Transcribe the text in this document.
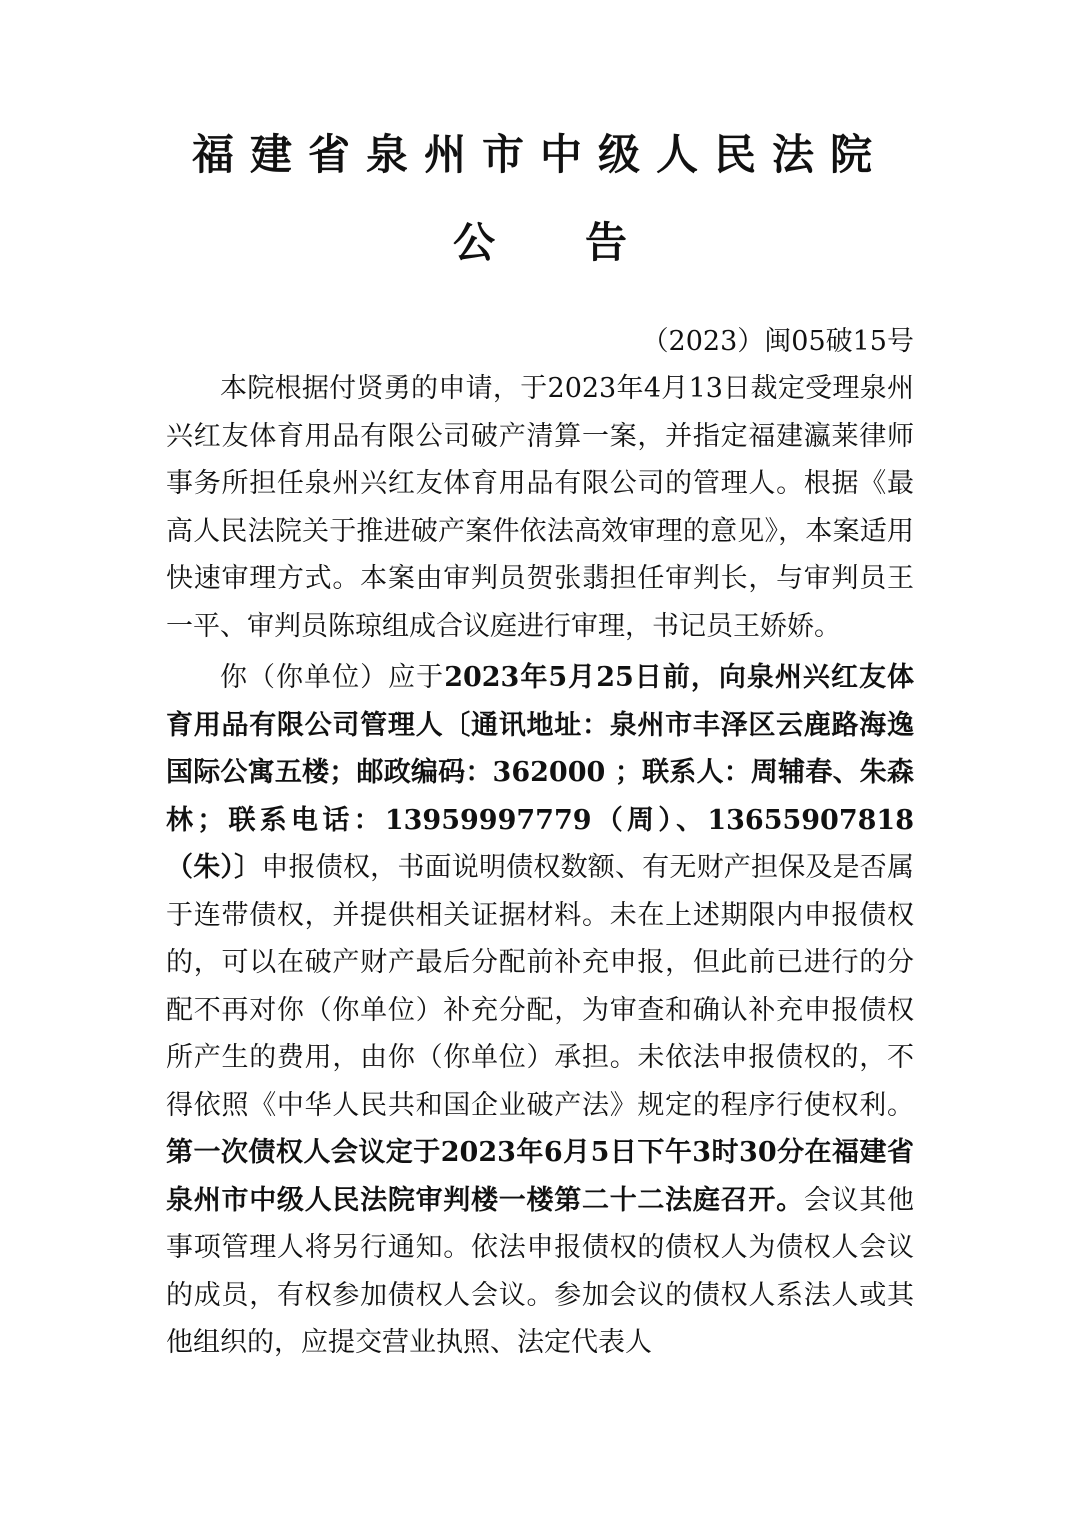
福建省泉州市中级人民法院
公告
（2023）闽05破15号

本院根据付贤勇的申请，于2023年4月13日裁定受理泉州兴红友体育用品有限公司破产清算一案，并指定福建瀛莱律师事务所担任泉州兴红友体育用品有限公司的管理人。根据《最高人民法院关于推进破产案件依法高效审理的意见》，本案适用快速审理方式。本案由审判员贺张翡担任审判长，与审判员王一平、审判员陈琼组成合议庭进行审理，书记员王娇娇。

你（你单位）应于2023年5月25日前，向泉州兴红友体育用品有限公司管理人〔通讯地址：泉州市丰泽区云鹿路海逸国际公寓五楼；邮政编码：362000 ；联系人：周辅春、朱森林；联系电话：13959997779（周）、13655907818（朱）〕申报债权，书面说明债权数额、有无财产担保及是否属于连带债权，并提供相关证据材料。未在上述期限内申报债权的，可以在破产财产最后分配前补充申报，但此前已进行的分配不再对你（你单位）补充分配，为审查和确认补充申报债权所产生的费用，由你（你单位）承担。未依法申报债权的，不得依照《中华人民共和国企业破产法》规定的程序行使权利。第一次债权人会议定于2023年6月5日下午3时30分在福建省泉州市中级人民法院审判楼一楼第二十二法庭召开。会议其他事项管理人将另行通知。依法申报债权的债权人为债权人会议的成员，有权参加债权人会议。参加会议的债权人系法人或其他组织的，应提交营业执照、法定代表人
